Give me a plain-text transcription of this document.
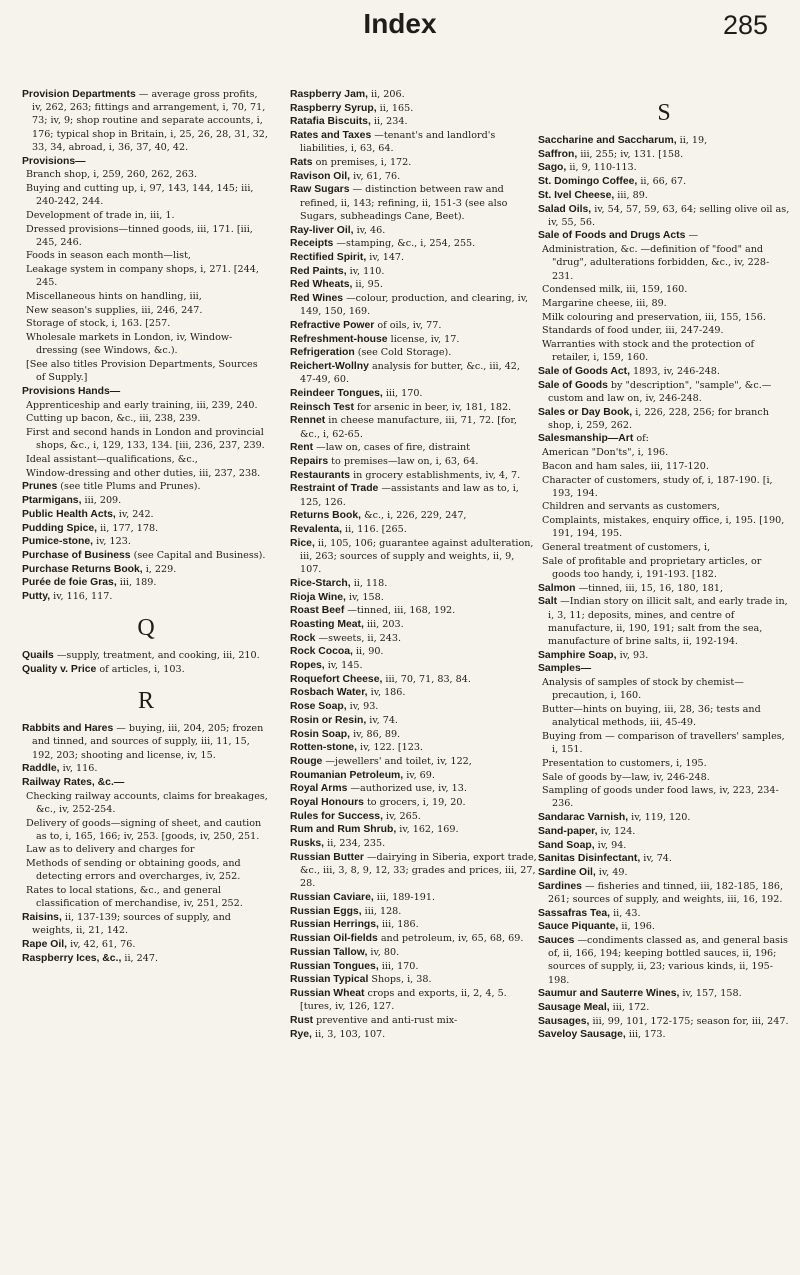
Index	285
Provision Departments — average gross profits, iv, 262, 263; fittings and arrangement, i, 70, 71, 73; iv, 9; shop routine and separate accounts, i, 176; typical shop in Britain, i, 25, 26, 28, 31, 32, 33, 34, abroad, i, 36, 37, 40, 42.
Provisions—
Branch shop, i, 259, 260, 262, 263.
Buying and cutting up, i, 97, 143, 144, 145; iii, 240-242, 244.
Development of trade in, iii, 1.
Dressed provisions—tinned goods, iii, 171. [iii, 245, 246.
Foods in season each month—list,
Leakage system in company shops, i, 271. [244, 245.
Miscellaneous hints on handling, iii,
New season's supplies, iii, 246, 247.
Storage of stock, i, 163. [257.
Wholesale markets in London, iv, Window-dressing (see Windows, &c.).
[See also titles Provision Departments, Sources of Supply.]
Provisions Hands—
Apprenticeship and early training, iii, 239, 240.
Cutting up bacon, &c., iii, 238, 239.
First and second hands in London and provincial shops, &c., i, 129, 133, 134. [iii, 236, 237, 239.
Ideal assistant—qualifications, &c.,
Window-dressing and other duties, iii, 237, 238.
Prunes (see title Plums and Prunes).
Ptarmigans, iii, 209.
Public Health Acts, iv, 242.
Pudding Spice, ii, 177, 178.
Pumice-stone, iv, 123.
Purchase of Business (see Capital and Business).
Purchase Returns Book, i, 229.
Purée de foie Gras, iii, 189.
Putty, iv, 116, 117.
Q
Quails —supply, treatment, and cooking, iii, 210.
Quality v. Price of articles, i, 103.
R
Rabbits and Hares — buying, iii, 204, 205; frozen and tinned, and sources of supply, iii, 11, 15, 192, 203; shooting and license, iv, 15.
Raddle, iv, 116.
Railway Rates, &c.—
Checking railway accounts, claims for breakages, &c., iv, 252-254.
Delivery of goods—signing of sheet, and caution as to, i, 165, 166; iv, 253. [goods, iv, 250, 251.
Law as to delivery and charges for
Methods of sending or obtaining goods, and detecting errors and overcharges, iv, 252.
Rates to local stations, &c., and general classification of merchandise, iv, 251, 252.
Raisins, ii, 137-139; sources of supply, and weights, ii, 21, 142.
Rape Oil, iv, 42, 61, 76.
Raspberry Ices, &c., ii, 247.
Raspberry Jam, ii, 206.
Raspberry Syrup, ii, 165.
Ratafia Biscuits, ii, 234.
Rates and Taxes —tenant's and landlord's liabilities, i, 63, 64.
Rats on premises, i, 172.
Ravison Oil, iv, 61, 76.
Raw Sugars — distinction between raw and refined, ii, 143; refining, ii, 151-3 (see also Sugars, subheadings Cane, Beet).
Ray-liver Oil, iv, 46.
Receipts —stamping, &c., i, 254, 255.
Rectified Spirit, iv, 147.
Red Paints, iv, 110.
Red Wheats, ii, 95.
Red Wines —colour, production, and clearing, iv, 149, 150, 169.
Refractive Power of oils, iv, 77.
Refreshment-house license, iv, 17.
Refrigeration (see Cold Storage).
Reichert-Wollny analysis for butter, &c., iii, 42, 47-49, 60.
Reindeer Tongues, iii, 170.
Reinsch Test for arsenic in beer, iv, 181, 182.
Rennet in cheese manufacture, iii, 71, 72. [for, &c., i, 62-65.
Rent —law on, cases of fire, distraint
Repairs to premises—law on, i, 63, 64.
Restaurants in grocery establishments, iv, 4, 7.
Restraint of Trade —assistants and law as to, i, 125, 126.
Returns Book, &c., i, 226, 229, 247,
Revalenta, ii, 116. [265.
Rice, ii, 105, 106; guarantee against adulteration, iii, 263; sources of supply and weights, ii, 9, 107.
Rice-Starch, ii, 118.
Rioja Wine, iv, 158.
Roast Beef —tinned, iii, 168, 192.
Roasting Meat, iii, 203.
Rock —sweets, ii, 243.
Rock Cocoa, ii, 90.
Ropes, iv, 145.
Roquefort Cheese, iii, 70, 71, 83, 84.
Rosbach Water, iv, 186.
Rose Soap, iv, 93.
Rosin or Resin, iv, 74.
Rosin Soap, iv, 86, 89.
Rotten-stone, iv, 122. [123.
Rouge —jewellers' and toilet, iv, 122,
Roumanian Petroleum, iv, 69.
Royal Arms —authorized use, iv, 13.
Royal Honours to grocers, i, 19, 20.
Rules for Success, iv, 265.
Rum and Rum Shrub, iv, 162, 169.
Rusks, ii, 234, 235.
Russian Butter —dairying in Siberia, export trade, &c., iii, 3, 8, 9, 12, 33; grades and prices, iii, 27, 28.
Russian Caviare, iii, 189-191.
Russian Eggs, iii, 128.
Russian Herrings, iii, 186.
Russian Oil-fields and petroleum, iv, 65, 68, 69.
Russian Tallow, iv, 80.
Russian Tongues, iii, 170.
Russian Typical Shops, i, 38.
Russian Wheat crops and exports, ii, 2, 4, 5. [tures, iv, 126, 127.
Rust preventive and anti-rust mix-
Rye, ii, 3, 103, 107.
S
Saccharine and Saccharum, ii, 19,
Saffron, iii, 255; iv, 131. [158.
Sago, ii, 9, 110-113.
St. Domingo Coffee, ii, 66, 67.
St. Ivel Cheese, iii, 89.
Salad Oils, iv, 54, 57, 59, 63, 64; selling olive oil as, iv, 55, 56.
Sale of Foods and Drugs Acts —
Administration, &c. —definition of "food" and "drug", adulterations forbidden, &c., iv, 228-231.
Condensed milk, iii, 159, 160.
Margarine cheese, iii, 89.
Milk colouring and preservation, iii, 155, 156.
Standards of food under, iii, 247-249.
Warranties with stock and the protection of retailer, i, 159, 160.
Sale of Goods Act, 1893, iv, 246-248.
Sale of Goods by "description", "sample", &c.—custom and law on, iv, 246-248.
Sales or Day Book, i, 226, 228, 256; for branch shop, i, 259, 262.
Salesmanship—Art of:
American "Don'ts", i, 196.
Bacon and ham sales, iii, 117-120.
Character of customers, study of, i, 187-190. [i, 193, 194.
Children and servants as customers,
Complaints, mistakes, enquiry office, i, 195. [190, 191, 194, 195.
General treatment of customers, i,
Sale of profitable and proprietary articles, or goods too handy, i, 191-193. [182.
Salmon —tinned, iii, 15, 16, 180, 181,
Salt —Indian story on illicit salt, and early trade in, i, 3, 11; deposits, mines, and centre of manufacture, ii, 190, 191; salt from the sea, manufacture of brine salts, ii, 192-194.
Samphire Soap, iv, 93.
Samples—
Analysis of samples of stock by chemist—precaution, i, 160.
Butter—hints on buying, iii, 28, 36; tests and analytical methods, iii, 45-49.
Buying from — comparison of travellers' samples, i, 151.
Presentation to customers, i, 195.
Sale of goods by—law, iv, 246-248.
Sampling of goods under food laws, iv, 223, 234-236.
Sandarac Varnish, iv, 119, 120.
Sand-paper, iv, 124.
Sand Soap, iv, 94.
Sanitas Disinfectant, iv, 74.
Sardine Oil, iv, 49.
Sardines — fisheries and tinned, iii, 182-185, 186, 261; sources of supply, and weights, iii, 16, 192.
Sassafras Tea, ii, 43.
Sauce Piquante, ii, 196.
Sauces —condiments classed as, and general basis of, ii, 166, 194; keeping bottled sauces, ii, 196; sources of supply, ii, 23; various kinds, ii, 195-198.
Saumur and Sauterre Wines, iv, 157, 158.
Sausage Meal, iii, 172.
Sausages, iii, 99, 101, 172-175; season for, iii, 247.
Saveloy Sausage, iii, 173.
